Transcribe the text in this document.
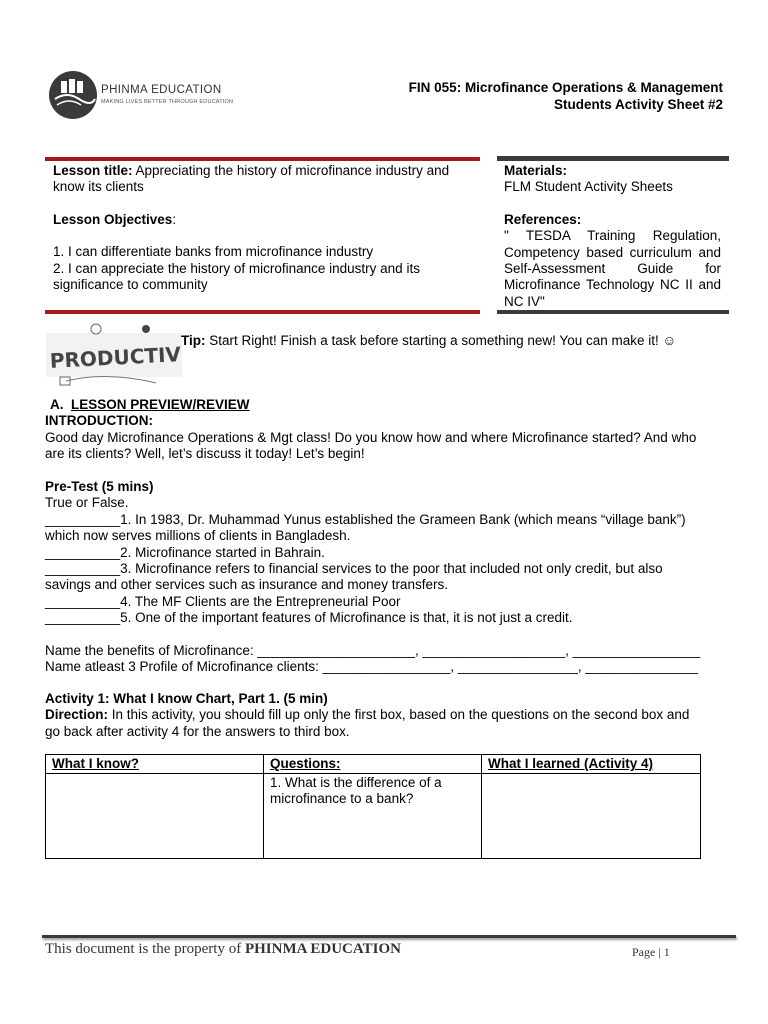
PHINMA EDUCATION
MAKING LIVES BETTER THROUGH EDUCATION
FIN 055: Microfinance Operations & Management
Students Activity Sheet #2
Lesson title: Appreciating the history of microfinance industry and
know its clients
Lesson Objectives:
1. I can differentiate banks from microfinance industry
2. I can appreciate the history of microfinance industry and its
significance to community
Materials:
FLM Student Activity Sheets
References:
" TESDA Training Regulation,
Competency based curriculum and
Self-Assessment Guide for
Microfinance Technology NC II and
NC IV"
PRODUCTIVITY
Tip: Start Right! Finish a task before starting a something new! You can make it! ☺
A. LESSON PREVIEW/REVIEW
INTRODUCTION:
Good day Microfinance Operations & Mgt class! Do you know how and where Microfinance started? And who
are its clients? Well, let’s discuss it today! Let’s begin!
Pre-Test (5 mins)
True or False.
__________1. In 1983, Dr. Muhammad Yunus established the Grameen Bank (which means “village bank”)
which now serves millions of clients in Bangladesh.
__________2. Microfinance started in Bahrain.
__________3. Microfinance refers to financial services to the poor that included not only credit, but also
savings and other services such as insurance and money transfers.
__________4. The MF Clients are the Entrepreneurial Poor
__________5. One of the important features of Microfinance is that, it is not just a credit.
Name the benefits of Microfinance: _____________________, ___________________, _________________
Name atleast 3 Profile of Microfinance clients: _________________, ________________, _______________
Activity 1: What I know Chart, Part 1. (5 min)
Direction: In this activity, you should fill up only the first box, based on the questions on the second box and
go back after activity 4 for the answers to third box.
What I know?	Questions:	What I learned (Activity 4)
	1. What is the difference of a microfinance to a bank?	
This document is the property of PHINMA EDUCATION	Page | 1
